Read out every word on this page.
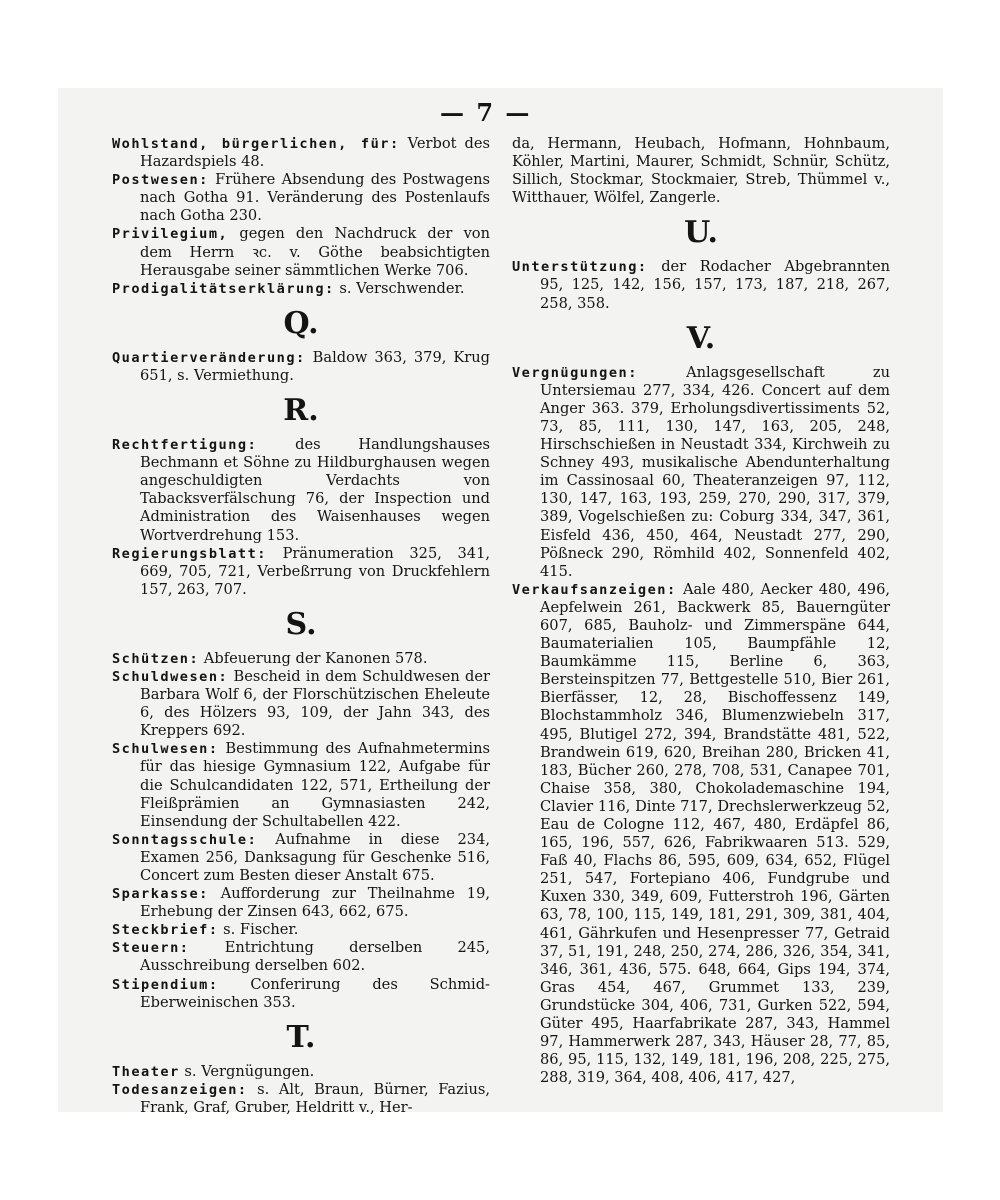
— 7 —

Wohlstand, bürgerlichen, für: Verbot des Hazardspiels 48.

Postwesen: Frühere Absendung des Postwagens nach Gotha 91. Veränderung des Postenlaufs nach Gotha 230.

Privilegium, gegen den Nachdruck der von dem Herrn ꝛc. v. Göthe beabsichtigten Herausgabe seiner sämmtlichen Werke 706.

Prodigalitätserklärung: s. Verschwender.

Q.

Quartierveränderung: Baldow 363, 379, Krug 651, s. Vermiethung.

R.

Rechtfertigung: des Handlungshauses Bechmann et Söhne zu Hildburghausen wegen angeschuldigten Verdachts von Tabacksverfälschung 76, der Inspection und Administration des Waisenhauses wegen Wortverdrehung 153.

Regierungsblatt: Pränumeration 325, 341, 669, 705, 721, Verbeßrrung von Druckfehlern 157, 263, 707.

S.

Schützen: Abfeuerung der Kanonen 578.

Schuldwesen: Bescheid in dem Schuldwesen der Barbara Wolf 6, der Florschützischen Eheleute 6, des Hölzers 93, 109, der Jahn 343, des Kreppers 692.

Schulwesen: Bestimmung des Aufnahmetermins für das hiesige Gymnasium 122, Aufgabe für die Schulcandidaten 122, 571, Ertheilung der Fleißprämien an Gymnasiasten 242, Einsendung der Schultabellen 422.

Sonntagsschule: Aufnahme in diese 234, Examen 256, Danksagung für Geschenke 516, Concert zum Besten dieser Anstalt 675.

Sparkasse: Aufforderung zur Theilnahme 19, Erhebung der Zinsen 643, 662, 675.

Steckbrief: s. Fischer.

Steuern: Entrichtung derselben 245, Ausschreibung derselben 602.

Stipendium: Conferirung des Schmid-Eberweinischen 353.

T.

Theater s. Vergnügungen.

Todesanzeigen: s. Alt, Braun, Bürner, Fazius, Frank, Graf, Gruber, Heldritt v., Her-

da, Hermann, Heubach, Hofmann, Hohnbaum, Köhler, Martini, Maurer, Schmidt, Schnür, Schütz, Sillich, Stockmar, Stockmaier, Streb, Thümmel v., Witthauer, Wölfel, Zangerle.

U.

Unterstützung: der Rodacher Abgebrannten 95, 125, 142, 156, 157, 173, 187, 218, 267, 258, 358.

V.

Vergnügungen: Anlagsgesellschaft zu Untersiemau 277, 334, 426. Concert auf dem Anger 363. 379, Erholungsdivertissiments 52, 73, 85, 111, 130, 147, 163, 205, 248, Hirschschießen in Neustadt 334, Kirchweih zu Schney 493, musikalische Abendunterhaltung im Cassinosaal 60, Theateranzeigen 97, 112, 130, 147, 163, 193, 259, 270, 290, 317, 379, 389, Vogelschießen zu: Coburg 334, 347, 361, Eisfeld 436, 450, 464, Neustadt 277, 290, Pößneck 290, Römhild 402, Sonnenfeld 402, 415.

Verkaufsanzeigen: Aale 480, Aecker 480, 496, Aepfelwein 261, Backwerk 85, Bauerngüter 607, 685, Bauholz- und Zimmerspäne 644, Baumaterialien 105, Baumpfähle 12, Baumkämme 115, Berline 6, 363, Bersteinspitzen 77, Bettgestelle 510, Bier 261, Bierfässer, 12, 28, Bischoffessenz 149, Blochstammholz 346, Blumenzwiebeln 317, 495, Blutigel 272, 394, Brandstätte 481, 522, Brandwein 619, 620, Breihan 280, Bricken 41, 183, Bücher 260, 278, 708, 531, Canapee 701, Chaise 358, 380, Chokolademaschine 194, Clavier 116, Dinte 717, Drechslerwerkzeug 52, Eau de Cologne 112, 467, 480, Erdäpfel 86, 165, 196, 557, 626, Fabrikwaaren 513. 529, Faß 40, Flachs 86, 595, 609, 634, 652, Flügel 251, 547, Fortepiano 406, Fundgrube und Kuxen 330, 349, 609, Futterstroh 196, Gärten 63, 78, 100, 115, 149, 181, 291, 309, 381, 404, 461, Gährkufen und Hesenpresser 77, Getraid 37, 51, 191, 248, 250, 274, 286, 326, 354, 341, 346, 361, 436, 575. 648, 664, Gips 194, 374, Gras 454, 467, Grummet 133, 239, Grundstücke 304, 406, 731, Gurken 522, 594, Güter 495, Haarfabrikate 287, 343, Hammel 97, Hammerwerk 287, 343, Häuser 28, 77, 85, 86, 95, 115, 132, 149, 181, 196, 208, 225, 275, 288, 319, 364, 408, 406, 417, 427,
